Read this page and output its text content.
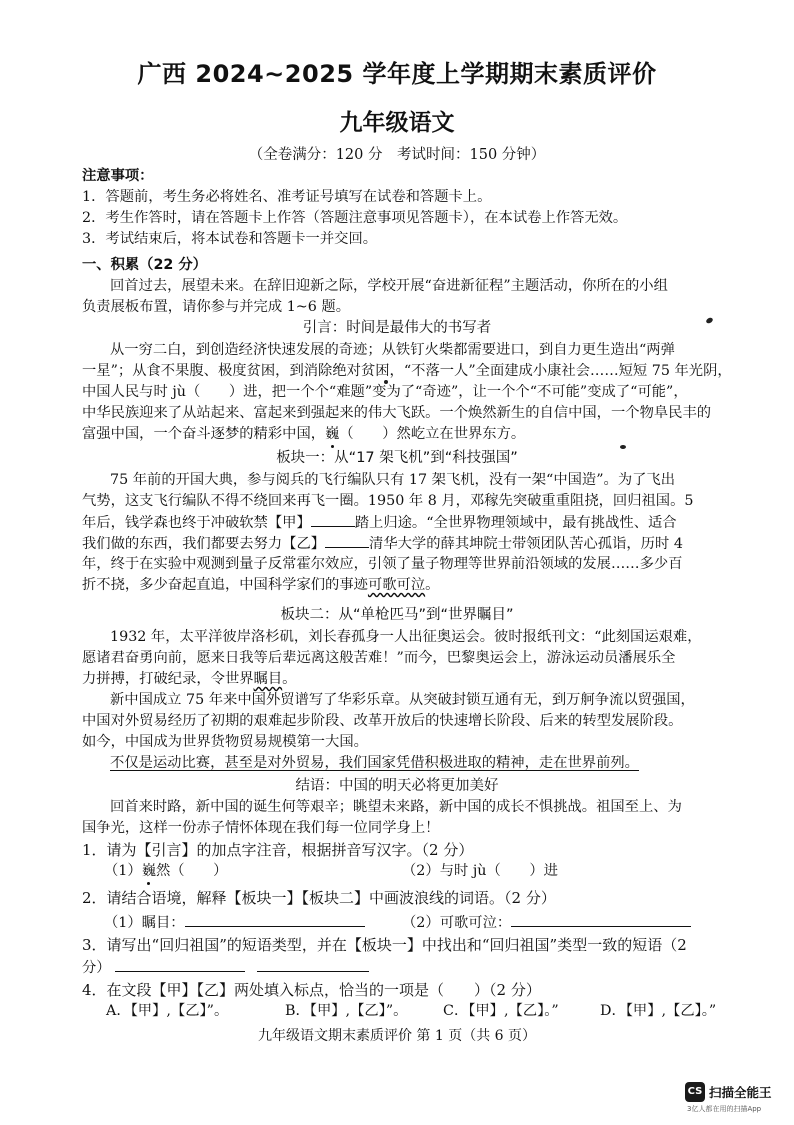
广西 2024~2025 学年度上学期期末素质评价
九年级语文
（全卷满分：120 分　考试时间：150 分钟）
注意事项：
1．答题前，考生务必将姓名、准考证号填写在试卷和答题卡上。
2．考生作答时，请在答题卡上作答（答题注意事项见答题卡），在本试卷上作答无效。
3．考试结束后，将本试卷和答题卡一并交回。
一、积累（22 分）
回首过去，展望未来。在辞旧迎新之际，学校开展“奋进新征程”主题活动，你所在的小组
负责展板布置，请你参与并完成 1~6 题。
引言：时间是最伟大的书写者
从一穷二白，到创造经济快速发展的奇迹；从铁钉火柴都需要进口，到自力更生造出“两弹
一星”；从食不果腹、极度贫困，到消除绝对贫困，“不落一人”全面建成小康社会……短短 75 年光阴，
中国人民与时 jù（　　）进，把一个个“难题”变为了“奇迹”，让一个个“不可能”变成了“可能”，
中华民族迎来了从站起来、富起来到强起来的伟大飞跃。一个焕然新生的自信中国，一个物阜民丰的
富强中国，一个奋斗逐梦的精彩中国，巍（　　）然屹立在世界东方。
板块一：从“17 架飞机”到“科技强国”
75 年前的开国大典，参与阅兵的飞行编队只有 17 架飞机，没有一架“中国造”。为了飞出
气势，这支飞行编队不得不绕回来再飞一圈。1950 年 8 月，邓稼先突破重重阻挠，回归祖国。5
年后，钱学森也终于冲破软禁【甲】	踏上归途。“全世界物理领域中，最有挑战性、适合
我们做的东西，我们都要去努力【乙】	清华大学的薛其坤院士带领团队苦心孤诣，历时 4
年，终于在实验中观测到量子反常霍尔效应，引领了量子物理等世界前沿领域的发展……多少百
折不挠，多少奋起直追，中国科学家们的事迹可歌可泣。
板块二：从“单枪匹马”到“世界瞩目”
1932 年，太平洋彼岸洛杉矶，刘长春孤身一人出征奥运会。彼时报纸刊文：“此刻国运艰难，
愿诸君奋勇向前，愿来日我等后辈远离这般苦难！”而今，巴黎奥运会上，游泳运动员潘展乐全
力拼搏，打破纪录，令世界瞩目。
新中国成立 75 年来中国外贸谱写了华彩乐章。从突破封锁互通有无，到万舸争流以贸强国，
中国对外贸易经历了初期的艰难起步阶段、改革开放后的快速增长阶段、后来的转型发展阶段。
如今，中国成为世界货物贸易规模第一大国。
不仅是运动比赛，甚至是对外贸易，我们国家凭借积极进取的精神，走在世界前列。
结语：中国的明天必将更加美好
回首来时路，新中国的诞生何等艰辛；眺望未来路，新中国的成长不惧挑战。祖国至上、为
国争光，这样一份赤子情怀体现在我们每一位同学身上！
1．请为【引言】的加点字注音，根据拼音写汉字。（2 分）
（1）巍然（　　）	（2）与时 jù（　　）进
2．请结合语境，解释【板块一】【板块二】中画波浪线的词语。（2 分）
（1）瞩目：	（2）可歌可泣：
3．请写出“回归祖国”的短语类型，并在【板块一】中找出和“回归祖国”类型一致的短语（2
分）
4．在文段【甲】【乙】两处填入标点，恰当的一项是（　　）（2 分）
A．【甲】,【乙】”。	B．【甲】,【乙】”。	C．【甲】,【乙】。”	D．【甲】,【乙】。”
九年级语文期末素质评价 第 1 页（共 6 页）
CS 扫描全能王
3亿人都在用的扫描App
